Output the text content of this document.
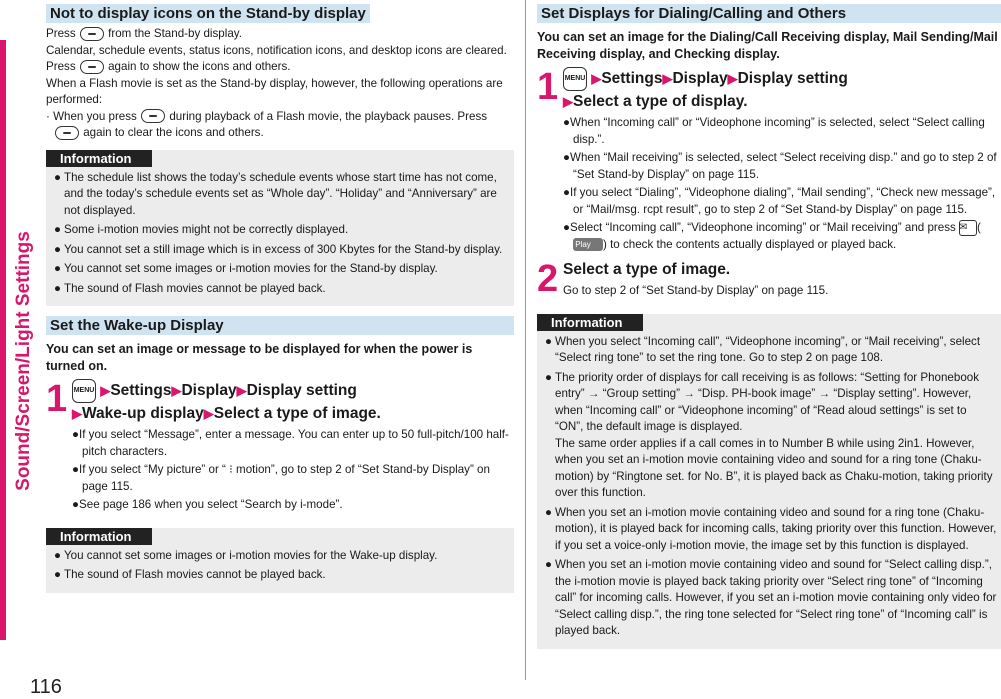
Sound/Screen/Light Settings
116
Not to display icons on the Stand-by display

Press	from the Stand-by display.

Calendar, schedule events, status icons, notification icons, and desktop icons are cleared. Press	again to show the icons and others.

When a Flash movie is set as the Stand-by display, however, the following operations are performed:

· When you press	during playback of a Flash movie, the playback pauses. Press  again to clear the icons and others.

Information
● The schedule list shows the today’s schedule events whose start time has not come, and the today’s schedule events set as “Whole day”. “Holiday” and “Anniversary” are not displayed.
● Some i-motion movies might not be correctly displayed.
● You cannot set a still image which is in excess of 300 Kbytes for the Stand-by display.
● You cannot set some images or i-motion movies for the Stand-by display.
● The sound of Flash movies cannot be played back.
Set the Wake-up Display
You can set an image or message to be displayed for when the power is turned on.
1 MENU ▶Settings▶Display▶Display setting
▶Wake-up display▶Select a type of image.
●If you select “Message”, enter a message. You can enter up to 50 full-pitch/100 half-pitch characters.
●If you select “My picture” or “ ⁝ motion”, go to step 2 of “Set Stand-by Display” on page 115.
●See page 186 when you select “Search by i-mode”.
Information
● You cannot set some images or i-motion movies for the Wake-up display.
● The sound of Flash movies cannot be played back.
Set Displays for Dialing/Calling and Others
You can set an image for the Dialing/Call Receiving display, Mail Sending/Mail Receiving display, and Checking display.
1 MENU ▶Settings▶Display▶Display setting
▶Select a type of display.
●When “Incoming call” or “Videophone incoming” is selected, select “Select calling disp.”.
●When “Mail receiving” is selected, select “Select receiving disp.” and go to step 2 of “Set Stand-by Display” on page 115.
●If you select “Dialing”, “Videophone dialing”, “Mail sending”, “Check new message”, or “Mail/msg. rcpt result”, go to step 2 of “Set Stand-by Display” on page 115.
●Select “Incoming call”, “Videophone incoming” or “Mail receiving” and press ✉ (Play ) to check the contents actually displayed or played back.
2 Select a type of image.

Go to step 2 of “Set Stand-by Display” on page 115.

Information
● When you select “Incoming call”, “Videophone incoming”, or “Mail receiving”, select “Select ring tone” to set the ring tone. Go to step 2 on page 108.
● The priority order of displays for call receiving is as follows: “Setting for Phonebook entry” → “Group setting” → “Disp. PH-book image” → “Display setting”. However, when “Incoming call” or “Videophone incoming” of “Read aloud settings” is set to “ON”, the default image is displayed.
The same order applies if a call comes in to Number B while using 2in1. However, when you set an i-motion movie containing video and sound for a ring tone (Chaku-motion) by “Ringtone set. for No. B”, it is played back as Chaku-motion, taking priority over this function.
● When you set an i-motion movie containing video and sound for a ring tone (Chaku-motion), it is played back for incoming calls, taking priority over this function. However, if you set a voice-only i-motion movie, the image set by this function is displayed.
● When you set an i-motion movie containing video and sound for “Select calling disp.”, the i-motion movie is played back taking priority over “Select ring tone” of “Incoming call” for incoming calls. However, if you set an i-motion movie containing only video for “Select calling disp.”, the ring tone selected for “Select ring tone” of “Incoming call” is played back.
